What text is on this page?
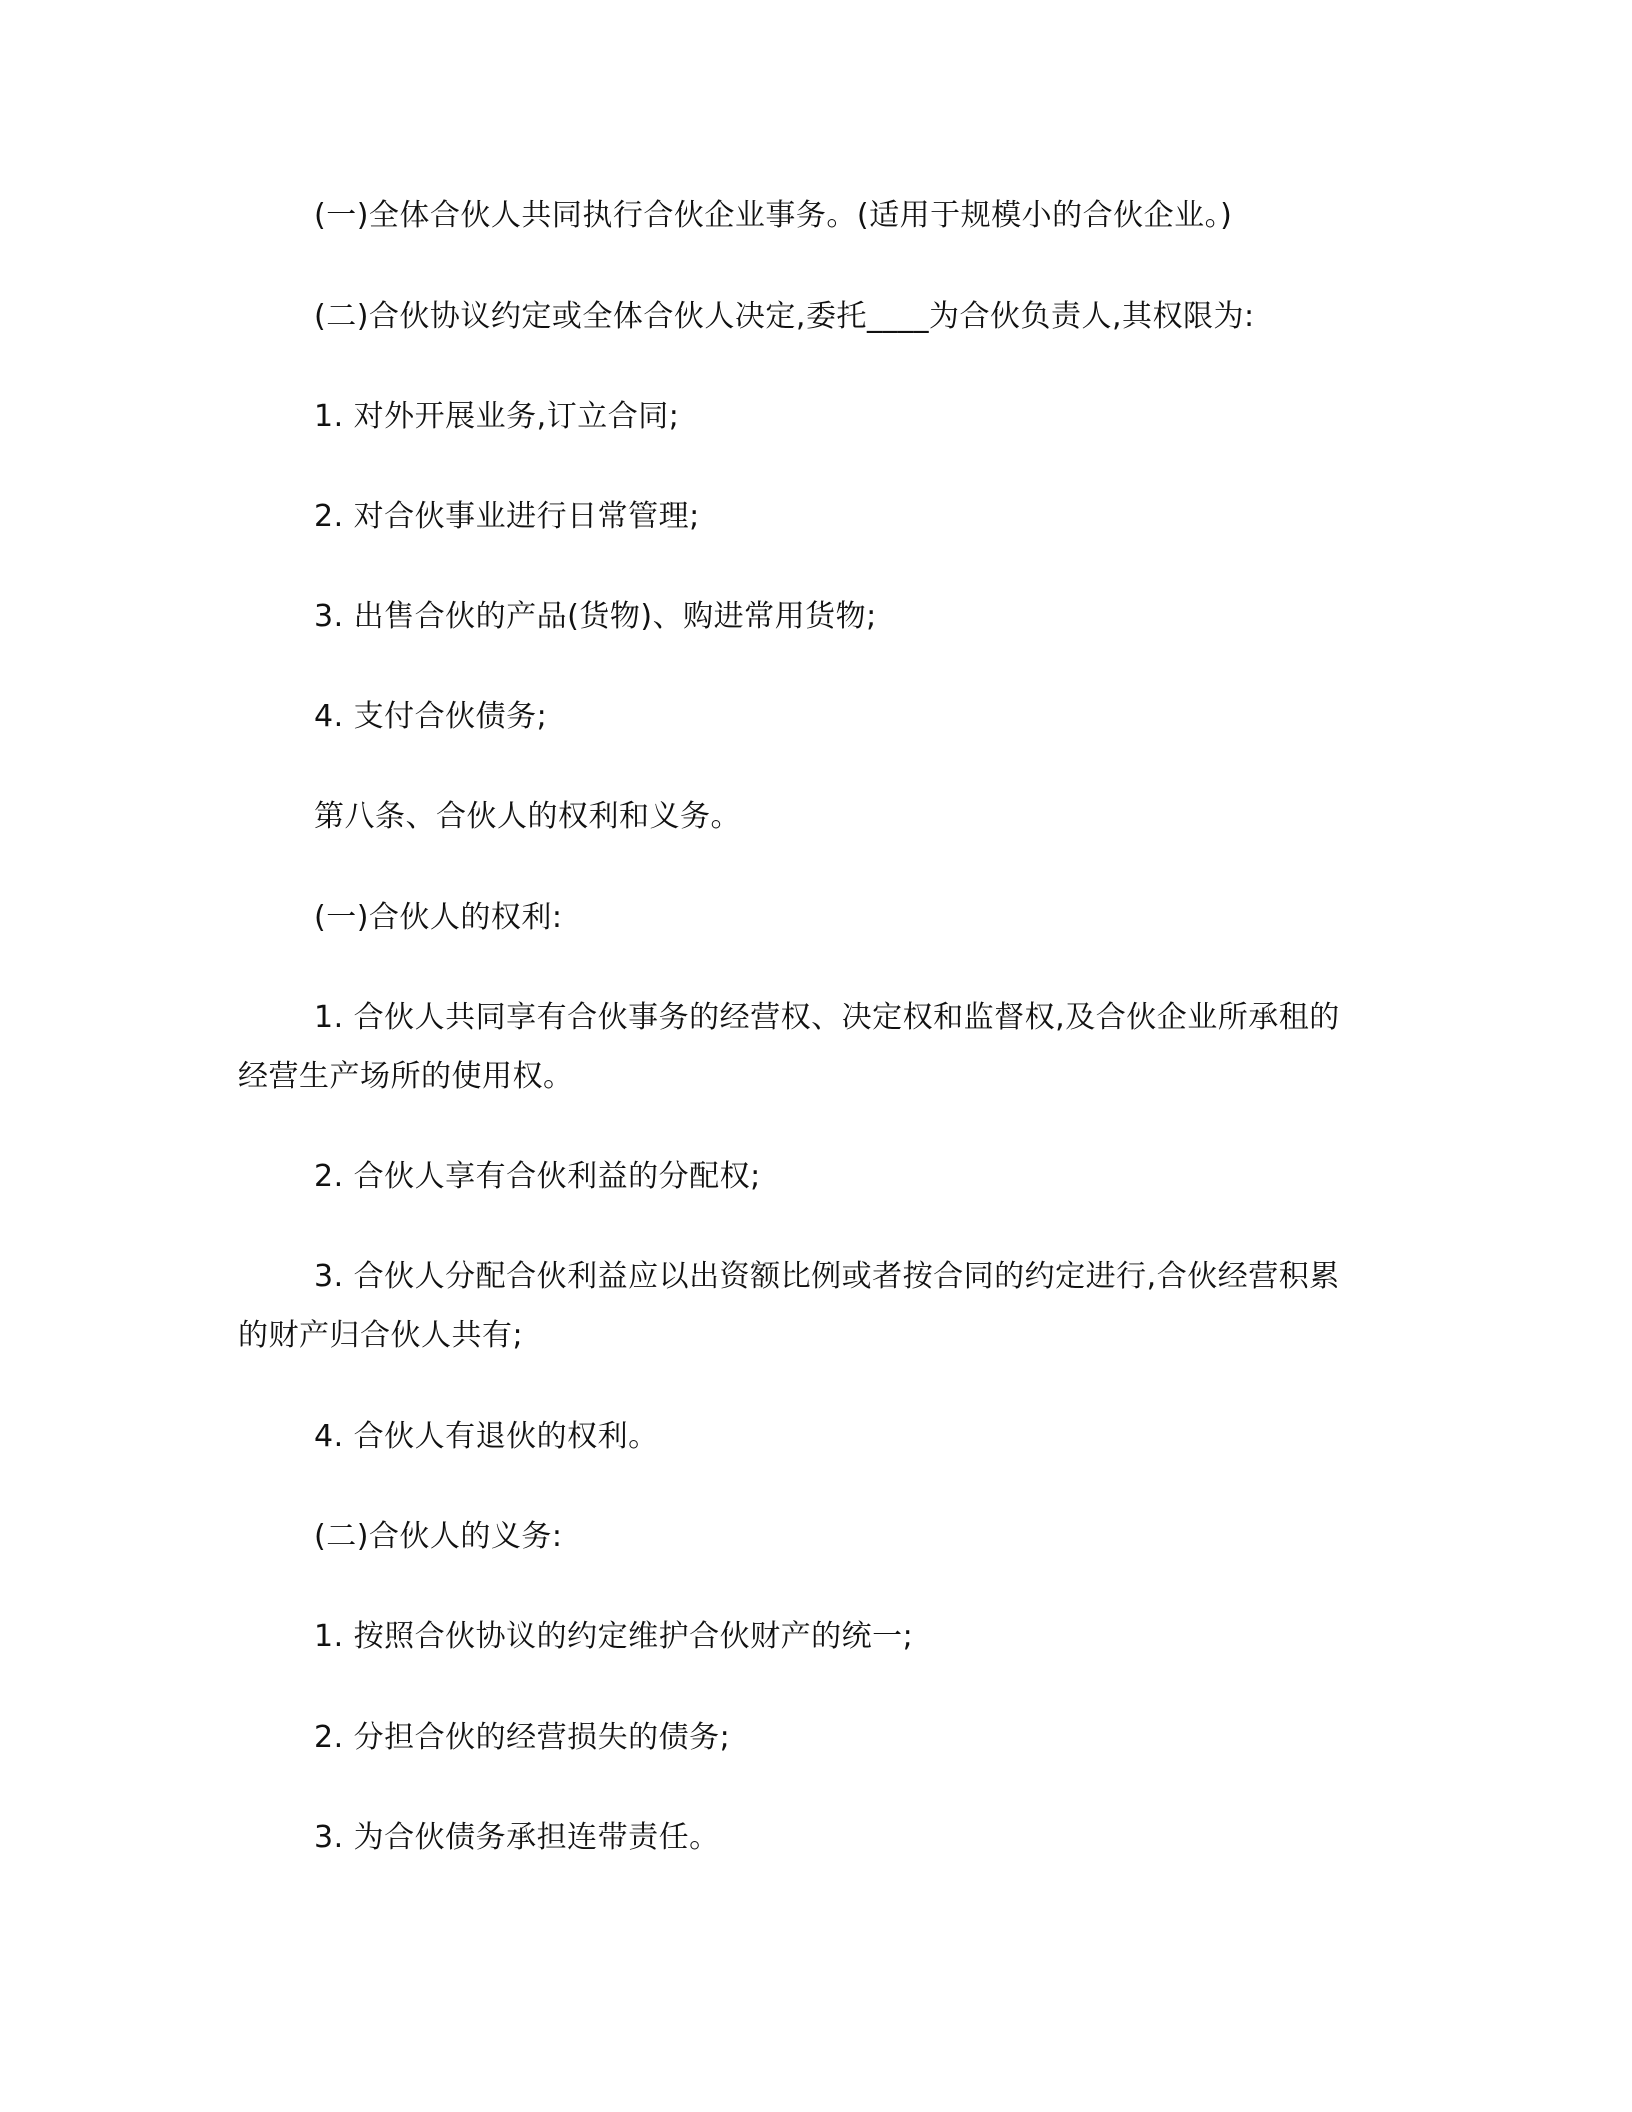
(一)全体合伙人共同执行合伙企业事务。(适用于规模小的合伙企业。)
(二)合伙协议约定或全体合伙人决定,委托____为合伙负责人,其权限为:
1. 对外开展业务,订立合同;
2. 对合伙事业进行日常管理;
3. 出售合伙的产品(货物)、购进常用货物;
4. 支付合伙债务;
第八条、合伙人的权利和义务。
(一)合伙人的权利:
1. 合伙人共同享有合伙事务的经营权、决定权和监督权,及合伙企业所承租的
经营生产场所的使用权。
2. 合伙人享有合伙利益的分配权;
3. 合伙人分配合伙利益应以出资额比例或者按合同的约定进行,合伙经营积累
的财产归合伙人共有;
4. 合伙人有退伙的权利。
(二)合伙人的义务:
1. 按照合伙协议的约定维护合伙财产的统一;
2. 分担合伙的经营损失的债务;
3. 为合伙债务承担连带责任。
